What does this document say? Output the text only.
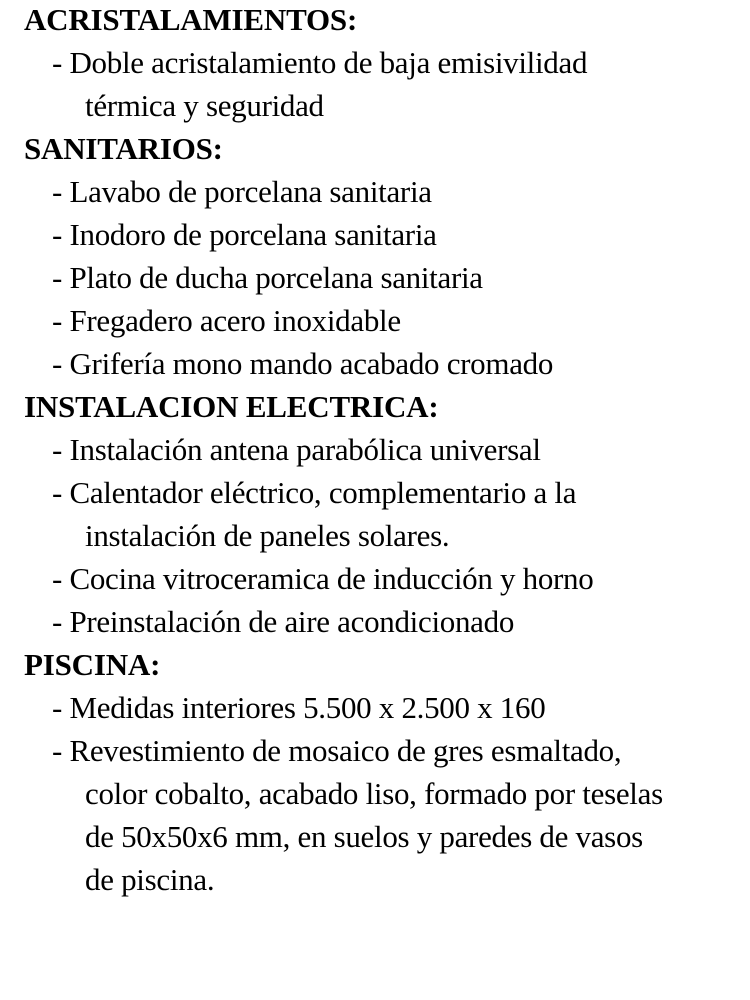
ACRISTALAMIENTOS:
- Doble acristalamiento de baja emisivilidad
térmica y seguridad
SANITARIOS:
- Lavabo de porcelana sanitaria
- Inodoro de porcelana sanitaria
- Plato de ducha porcelana sanitaria
- Fregadero acero inoxidable
- Grifería mono mando acabado cromado
INSTALACION ELECTRICA:
- Instalación antena parabólica universal
- Calentador eléctrico, complementario a la
instalación de paneles solares.
- Cocina vitroceramica de inducción y horno
- Preinstalación de aire acondicionado
PISCINA:
- Medidas interiores 5.500 x 2.500 x 160
- Revestimiento de mosaico de gres esmaltado,
color cobalto, acabado liso, formado por teselas
de 50x50x6 mm, en suelos y paredes de vasos
de piscina.
